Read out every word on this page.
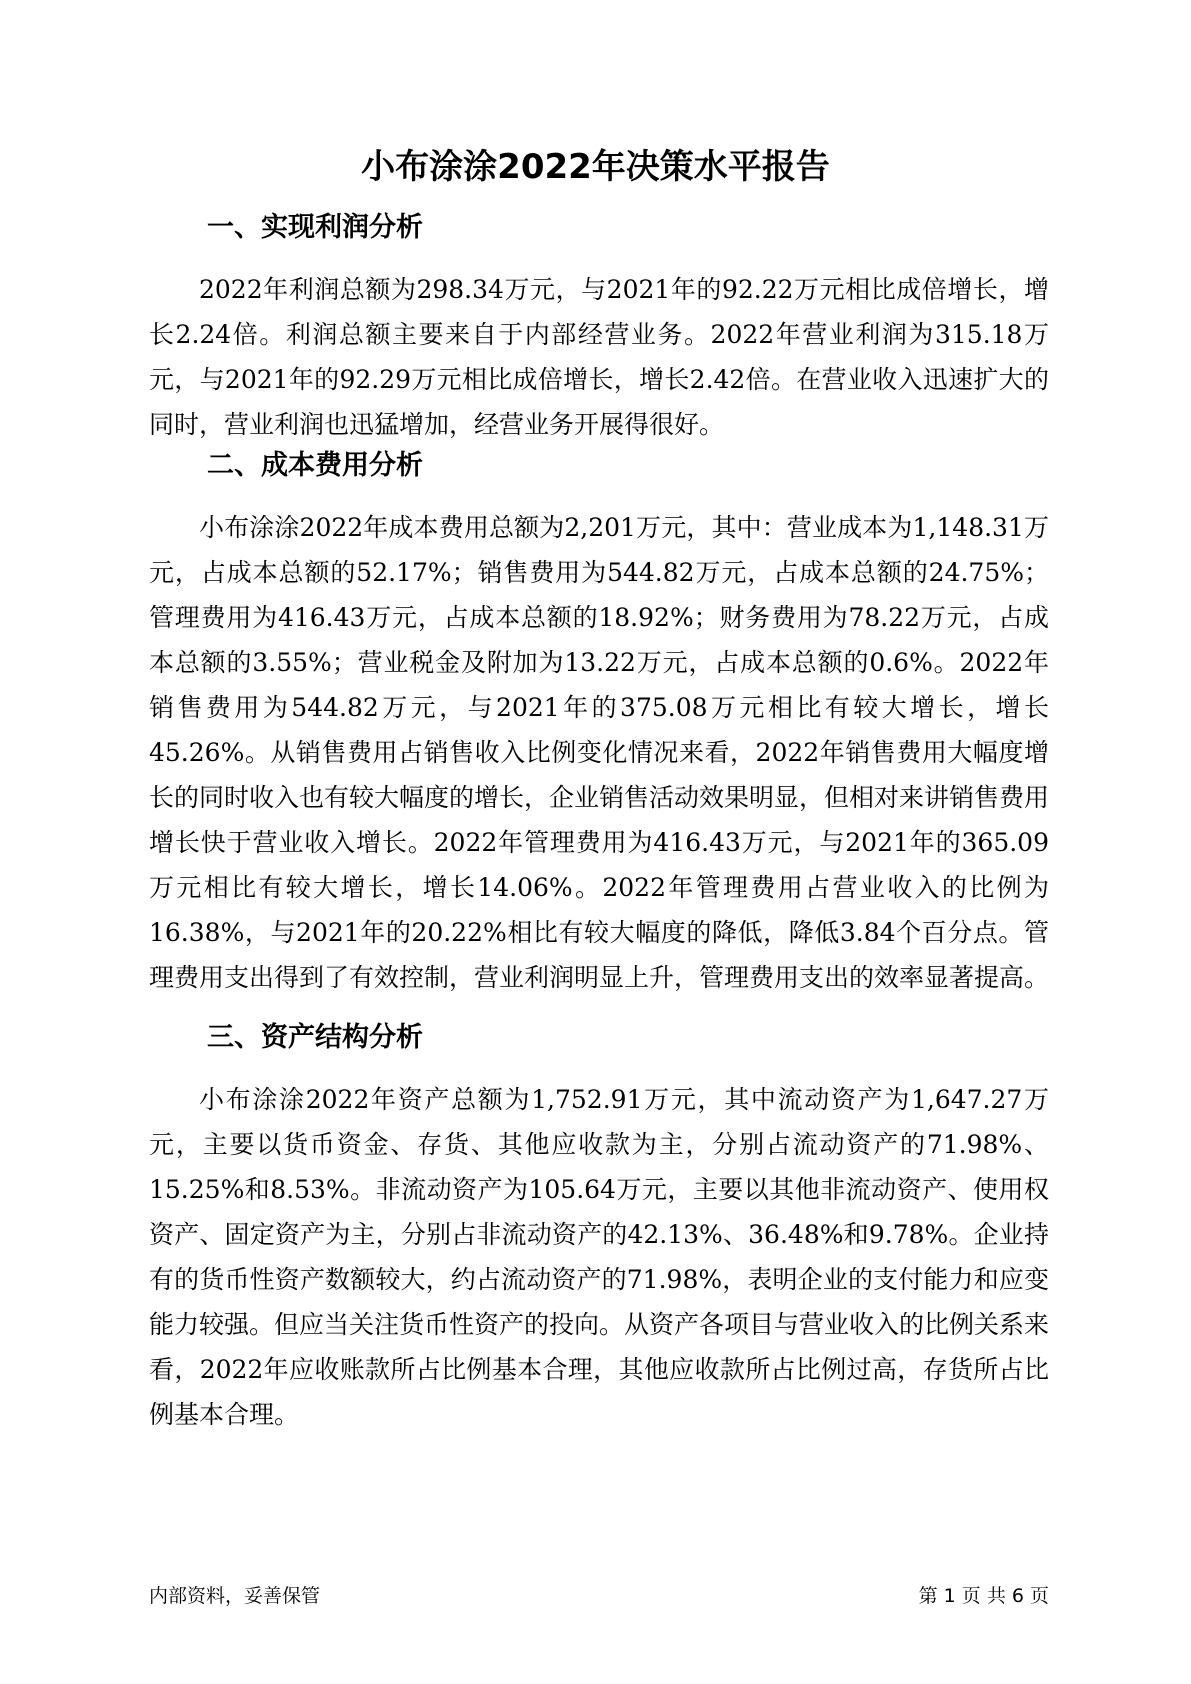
小布涂涂2022年决策水平报告
一、实现利润分析

2022年利润总额为298.34万元，与2021年的92.22万元相比成倍增长，增长2.24倍。利润总额主要来自于内部经营业务。2022年营业利润为315.18万元，与2021年的92.29万元相比成倍增长，增长2.42倍。在营业收入迅速扩大的同时，营业利润也迅猛增加，经营业务开展得很好。

二、成本费用分析

小布涂涂2022年成本费用总额为2,201万元，其中：营业成本为1,148.31万元，占成本总额的52.17%；销售费用为544.82万元，占成本总额的24.75%；管理费用为416.43万元，占成本总额的18.92%；财务费用为78.22万元，占成本总额的3.55%；营业税金及附加为13.22万元，占成本总额的0.6%。2022年销售费用为544.82万元，与2021年的375.08万元相比有较大增长，增长45.26%。从销售费用占销售收入比例变化情况来看，2022年销售费用大幅度增长的同时收入也有较大幅度的增长，企业销售活动效果明显，但相对来讲销售费用增长快于营业收入增长。2022年管理费用为416.43万元，与2021年的365.09万元相比有较大增长，增长14.06%。2022年管理费用占营业收入的比例为16.38%，与2021年的20.22%相比有较大幅度的降低，降低3.84个百分点。管理费用支出得到了有效控制，营业利润明显上升，管理费用支出的效率显著提高。

三、资产结构分析

小布涂涂2022年资产总额为1,752.91万元，其中流动资产为1,647.27万元，主要以货币资金、存货、其他应收款为主，分别占流动资产的71.98%、15.25%和8.53%。非流动资产为105.64万元，主要以其他非流动资产、使用权资产、固定资产为主，分别占非流动资产的42.13%、36.48%和9.78%。企业持有的货币性资产数额较大，约占流动资产的71.98%，表明企业的支付能力和应变能力较强。但应当关注货币性资产的投向。从资产各项目与营业收入的比例关系来看，2022年应收账款所占比例基本合理，其他应收款所占比例过高，存货所占比例基本合理。

内部资料，妥善保管	第 1 页 共 6 页
